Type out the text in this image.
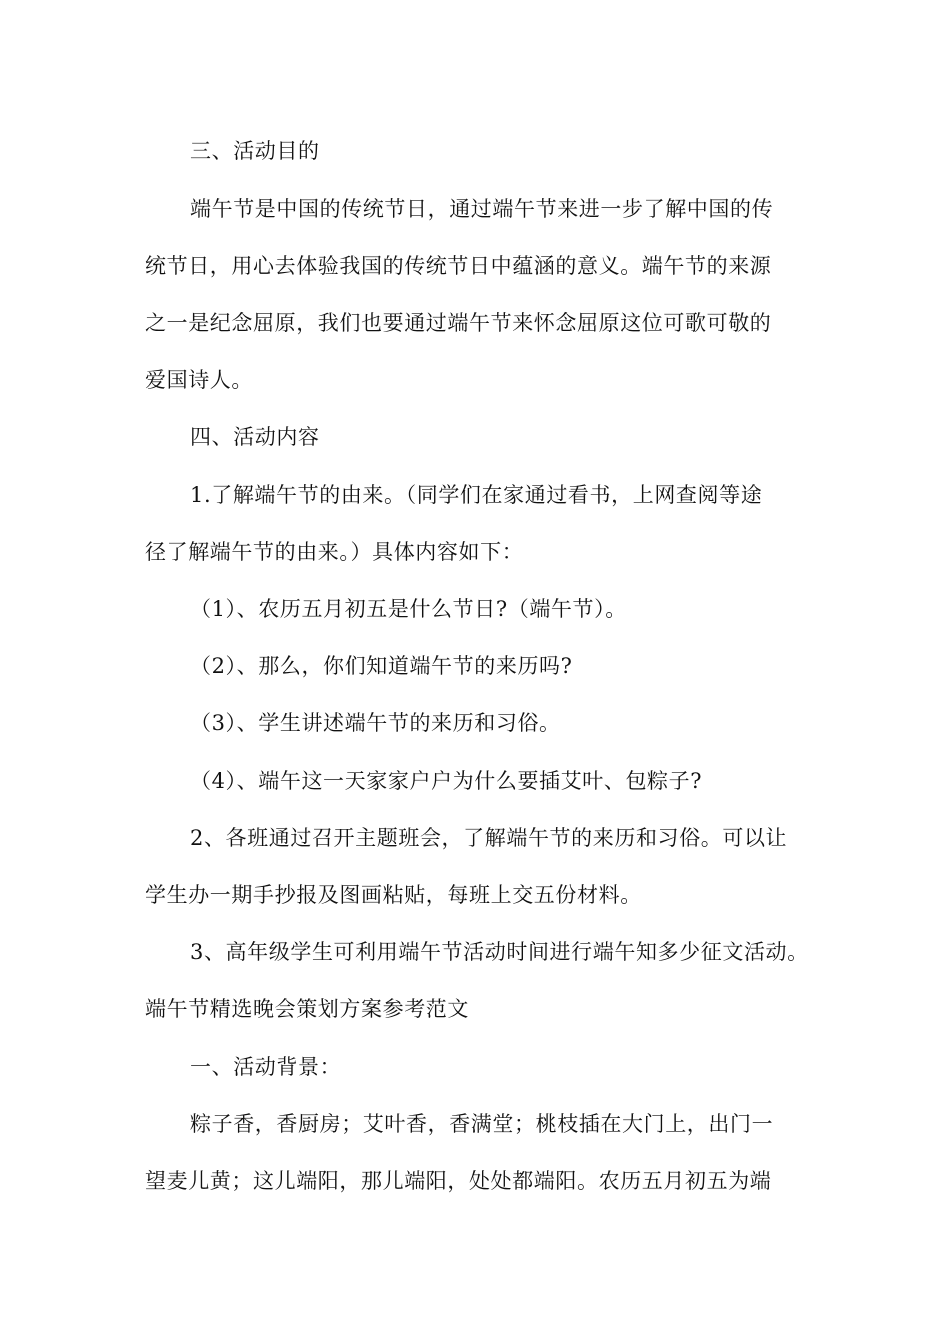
三、活动目的
端午节是中国的传统节日，通过端午节来进一步了解中国的传
统节日，用心去体验我国的传统节日中蕴涵的意义。端午节的来源
之一是纪念屈原，我们也要通过端午节来怀念屈原这位可歌可敬的
爱国诗人。
四、活动内容
1.了解端午节的由来。（同学们在家通过看书，上网查阅等途
径了解端午节的由来。）具体内容如下：
（1）、农历五月初五是什么节日?（端午节）。
（2）、那么，你们知道端午节的来历吗?
（3）、学生讲述端午节的来历和习俗。
（4）、端午这一天家家户户为什么要插艾叶、包粽子?
2、各班通过召开主题班会，了解端午节的来历和习俗。可以让
学生办一期手抄报及图画粘贴，每班上交五份材料。
3、高年级学生可利用端午节活动时间进行端午知多少征文活动。
端午节精选晚会策划方案参考范文
一、活动背景：
粽子香，香厨房；艾叶香，香满堂；桃枝插在大门上，出门一
望麦儿黄；这儿端阳，那儿端阳，处处都端阳。农历五月初五为端
